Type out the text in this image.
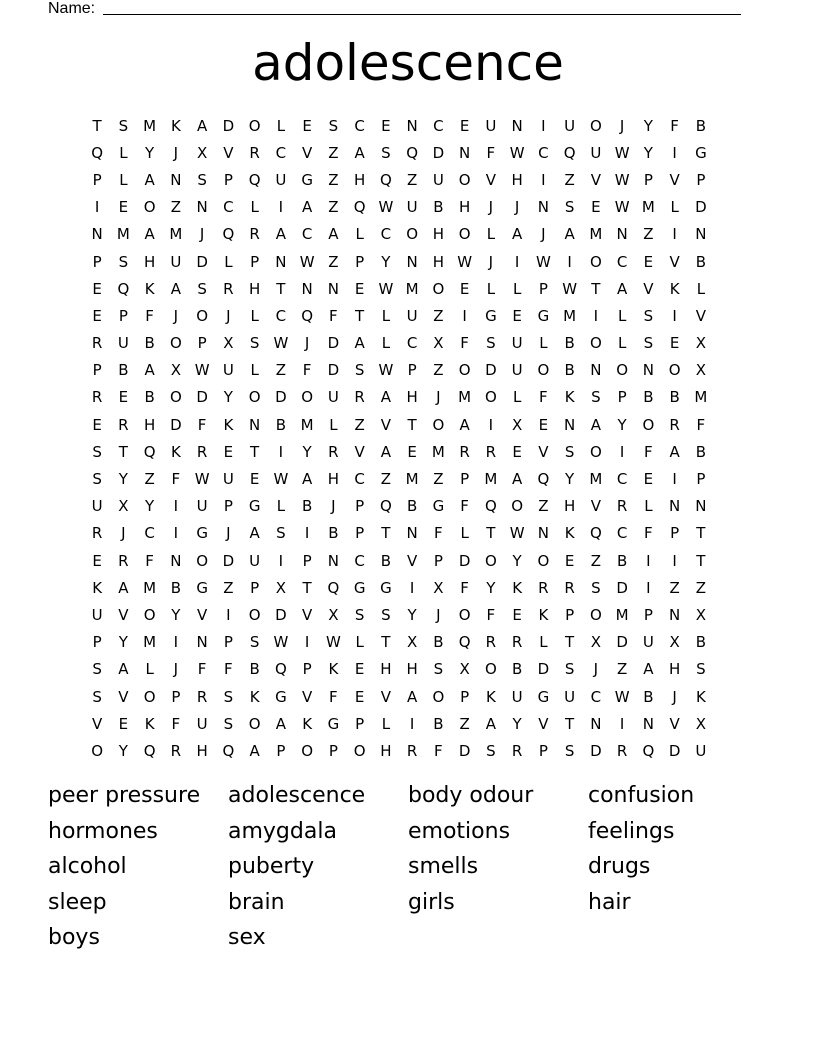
Name:
adolescence
T	S	M K	A	D O	L	E	S	C	E	N	C	E	U	N	I	U O	J	Y	F	B
Q	L	Y	J	X	V	R	C	V	Z	A	S	Q D N	F W C	Q U W Y	I	G
P	L	A	N	S	P	Q U G	Z	H Q	Z	U O	V	H	I	Z	V W P	V	P
I	E	O	Z	N	C	L	I	A	Z	Q W U	B	H	J	J	N	S	E W M	L	D
N M A M	J	Q	R	A	C	A	L	C	O H O	L	A	J	A M N	Z	I	N
P	S	H	U D	L	P	N W Z	P	Y	N	H W	J	I	W	I	O	C	E	V	B
E	Q	K	A	S	R	H	T	N	N	E W M O	E	L	L	P W T	A	V	K	L
E	P	F	J	O	J	L	C	Q	F	T	L	U	Z	I	G	E	G M	I	L	S	I	V
R	U	B	O	P	X	S W	J	D	A	L	C	X	F	S	U	L	B	O	L	S	E	X
P	B	A	X W U	L	Z	F	D	S W P	Z	O D U O	B	N O N O	X
R	E	B	O D	Y	O D O U	R	A	H	J	M O	L	F	K	S	P	B	B M
E	R	H D	F	K	N	B M	L	Z	V	T	O	A	I	X	E	N	A	Y	O	R	F
S	T	Q	K	R	E	T	I	Y	R	V	A	E	M R	R	E	V	S	O	I	F	A	B
S	Y	Z	F W U	E W A	H	C	Z M Z	P	M A	Q	Y	M C	E	I	P
U	X	Y	I	U	P	G	L	B	J	P	Q	B	G	F	Q O	Z	H	V	R	L	N	N
R	J	C	I	G	J	A	S	I	B	P	T	N	F	L	T W N	K	Q	C	F	P	T
E	R	F	N O D U	I	P	N	C	B	V	P	D O	Y	O	E	Z	B	I	I	T
K	A M B	G	Z	P	X	T	Q G G	I	X	F	Y	K	R	R	S	D	I	Z	Z
U	V	O	Y	V	I	O D	V	X	S	S	Y	J	O	F	E	K	P	O M	P	N	X
P	Y	M	I	N	P	S W	I	W L	T	X	B	Q	R	R	L	T	X	D U	X	B
S	A	L	J	F	F	B	Q	P	K	E	H H	S	X	O	B	D	S	J	Z	A	H	S
S	V	O	P	R	S	K	G	V	F	E	V	A	O	P	K	U G U	C W B	J	K
V	E	K	F	U	S	O	A	K	G	P	L	I	B	Z	A	Y	V	T	N	I	N	V	X
O	Y	Q	R	H Q	A	P	O	P	O H	R	F	D	S	R	P	S	D	R	Q D U
peer pressure	adolescence	body odour	confusion
hormones	amygdala	emotions	feelings
alcohol	puberty	smells	drugs
sleep	brain	girls	hair
boys	sex
